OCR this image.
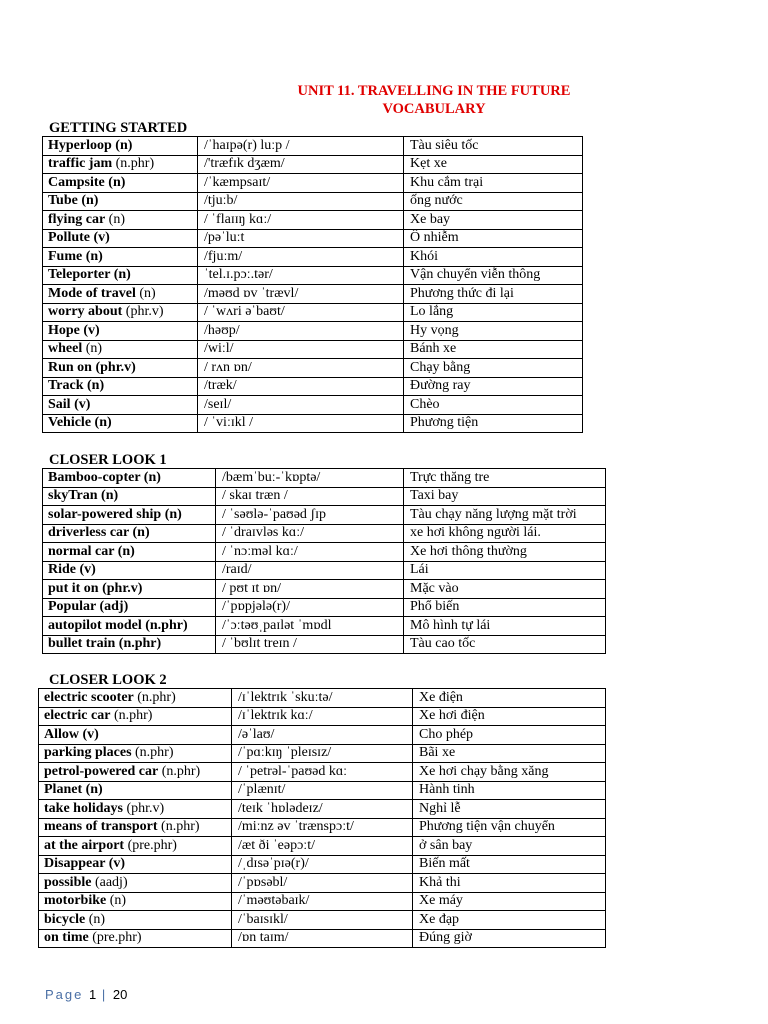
UNIT 11. TRAVELLING IN THE FUTURE
VOCABULARY
GETTING STARTED
Hyperloop (n)	/ˈhaɪpə(r) luːp /	Tàu siêu tốc
traffic jam (n.phr)	/'træfɪk dʒæm/	Kẹt xe
Campsite (n)	/ˈkæmpsaɪt/	Khu cắm trại
Tube (n)	/tjuːb/	ống nước
flying car (n)	/ ˈflaɪɪŋ kɑː/	Xe bay
Pollute (v)	/pəˈluːt	Ô nhiễm
Fume (n)	/fjuːm/	Khói
Teleporter (n)	ˈtel.ɪ.pɔː.tər/	Vận chuyển viễn thông
Mode of travel (n)	/məʊd ɒv ˈtrævl/	Phương thức đi lại
worry about (phr.v)	/ ˈwʌri əˈbaʊt/	Lo lắng
Hope (v)	/həʊp/	Hy vọng
wheel (n)	/wiːl/	Bánh xe
Run on (phr.v)	/ rʌn ɒn/	Chạy bằng
Track (n)	/træk/	Đường ray
Sail (v)	/seɪl/	Chèo
Vehicle (n)	/ ˈviːɪkl /	Phương tiện
CLOSER LOOK 1
Bamboo-copter (n)	/bæmˈbuː-ˈkɒptə/	Trực thăng tre
skyTran (n)	/ skaɪ træn /	Taxi bay
solar-powered ship (n)	/ ˈsəʊlə-ˈpaʊəd ʃɪp	Tàu chạy năng lượng mặt trời
driverless car (n)	/ ˈdraɪvləs kɑː/	xe hơi không người lái.
normal car (n)	/ ˈnɔːməl kɑː/	Xe hơi thông thường
Ride (v)	/raɪd/	Lái
put it on (phr.v)	/ pʊt ɪt ɒn/	Mặc vào
Popular (adj)	/ˈpɒpjələ(r)/	Phổ biến
autopilot model (n.phr)	/ˈɔːtəʊˌpaɪlət ˈmɒdl	Mô hình tự lái
bullet train (n.phr)	/ ˈbʊlɪt treɪn /	Tàu cao tốc
CLOSER LOOK 2
electric scooter (n.phr)	/ɪˈlektrɪk ˈskuːtə/	Xe điện
electric car (n.phr)	/ɪˈlektrɪk kɑː/	Xe hơi điện
Allow (v)	/əˈlaʊ/	Cho phép
parking places (n.phr)	/ˈpɑːkɪŋ ˈpleɪsɪz/	Bãi xe
petrol-powered car (n.phr)	/ ˈpetrəl-ˈpaʊəd kɑː	Xe hơi chạy bằng xăng
Planet (n)	/ˈplænɪt/	Hành tinh
take holidays (phr.v)	/teɪk ˈhɒlədeɪz/	Nghỉ lễ
means of transport (n.phr)	/miːnz əv ˈtrænspɔːt/	Phương tiện vận chuyển
at the airport (pre.phr)	/æt ði ˈeəpɔːt/	ở sân bay
Disappear (v)	/ˌdɪsəˈpɪə(r)/	Biến mất
possible (aadj)	/ˈpɒsəbl/	Khả thi
motorbike (n)	/ˈməʊtəbaɪk/	Xe máy
bicycle (n)	/ˈbaɪsɪkl/	Xe đạp
on time (pre.phr)	/ɒn taɪm/	Đúng giờ
Page 1 | 20
